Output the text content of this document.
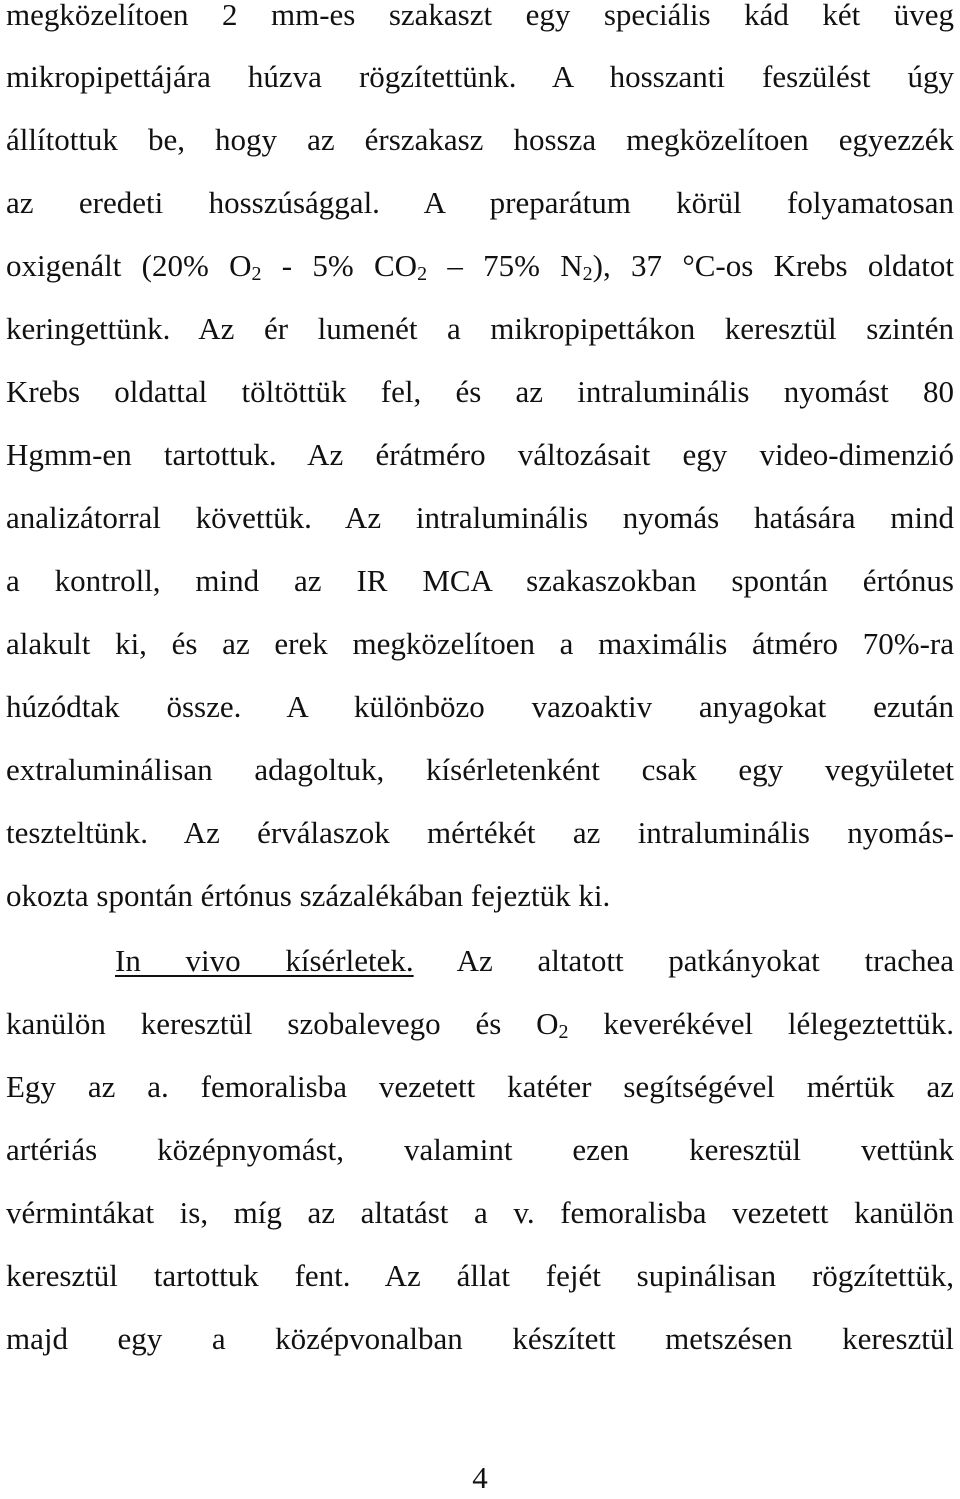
megközelítoen 2 mm-es szakaszt egy speciális kád két üveg
mikropipettájára húzva rögzítettünk. A hosszanti feszülést úgy
állítottuk be, hogy az érszakasz hossza megközelítoen egyezzék
az eredeti hosszúsággal. A preparátum körül folyamatosan
oxigenált (20% $O_2 - 5\%$ $CO_2 - 75\%$ $N_2$), 37 °C-os Krebs oldatot
keringettünk. Az ér lumenét a mikropipettákon keresztül szintén
Krebs oldattal töltöttük fel, és az intraluminális nyomást 80
Hgmm-en tartottuk. Az érátméro változásait egy video-dimenzió
analizátorral követtük. Az intraluminális nyomás hatására mind
a kontroll, mind az IR MCA szakaszokban spontán értónus
alakult ki, és az erek megközelítoen a maximális átméro 70%-ra
húzódtak össze. A különbözo vazoaktiv anyagokat ezután
extraluminálisan adagoltuk, kísérletenként csak egy vegyületet
teszteltünk. Az érválaszok mértékét az intraluminális nyomás-
okozta spontán értónus százalékában fejeztük ki.
In vivo kísérletek. Az altatott patkányokat trachea
kanülön keresztül szobalevego és $O_2$ keverékével lélegeztettük.
Egy az a. femoralisba vezetett katéter segítségével mértük az
artériás középnyomást, valamint ezen keresztül vettünk
vérmintákat is, míg az altatást a v. femoralisba vezetett kanülön
keresztül tartottuk fent. Az állat fejét supinálisan rögzítettük,
majd egy a középvonalban készített metszésen keresztül
4
